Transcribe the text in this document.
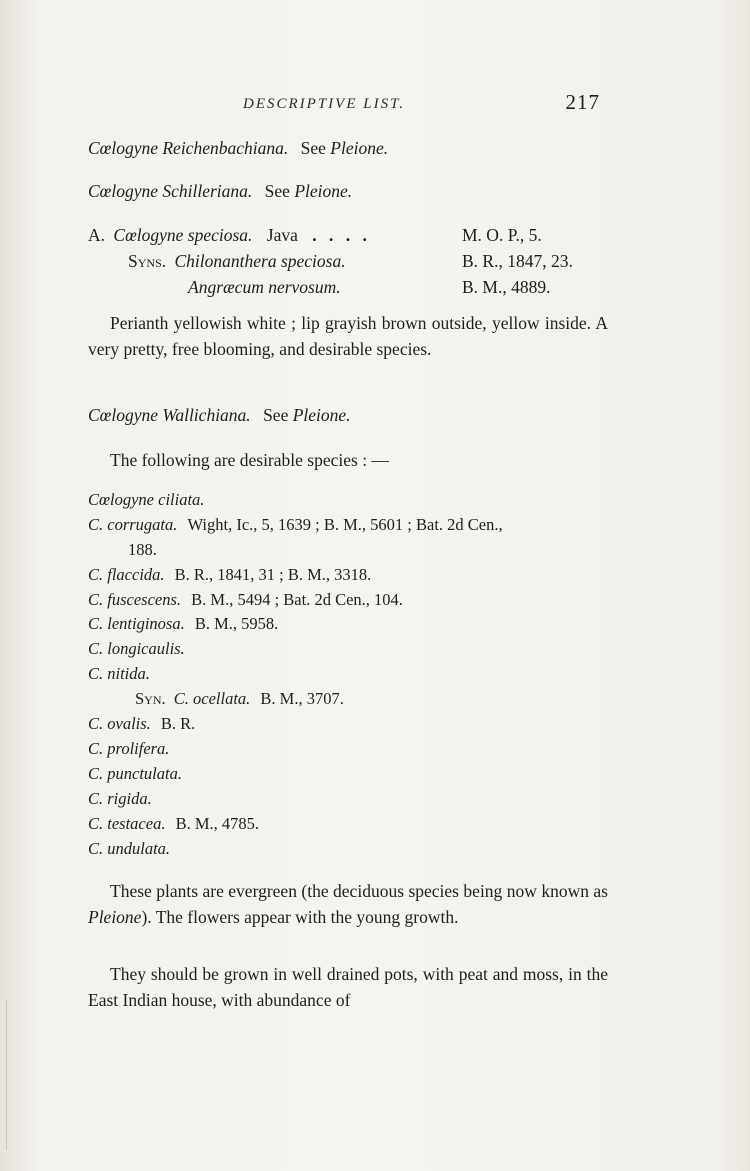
DESCRIPTIVE LIST.	217
Cœlogyne Reichenbachiana. See Pleione.
Cœlogyne Schilleriana. See Pleione.
A. Cœlogyne speciosa. Java . . . .	M. O. P., 5.
Syns. Chilonanthera speciosa.	B. R., 1847, 23.
Angræcum nervosum.	B. M., 4889.

Perianth yellowish white ; lip grayish brown outside, yellow inside. A very pretty, free blooming, and desirable species.

Cœlogyne Wallichiana. See Pleione.
The following are desirable species : —
Cœlogyne ciliata.
C. corrugata. Wight, Ic., 5, 1639 ; B. M., 5601 ; Bat. 2d Cen.,
188.
C. flaccida. B. R., 1841, 31 ; B. M., 3318.
C. fuscescens. B. M., 5494 ; Bat. 2d Cen., 104.
C. lentiginosa. B. M., 5958.
C. longicaulis.
C. nitida.
Syn. C. ocellata. B. M., 3707.
C. ovalis. B. R.
C. prolifera.
C. punctulata.
C. rigida.
C. testacea. B. M., 4785.
C. undulata.

These plants are evergreen (the deciduous species being now known as Pleione). The flowers appear with the young growth.

They should be grown in well drained pots, with peat and moss, in the East Indian house, with abundance of
